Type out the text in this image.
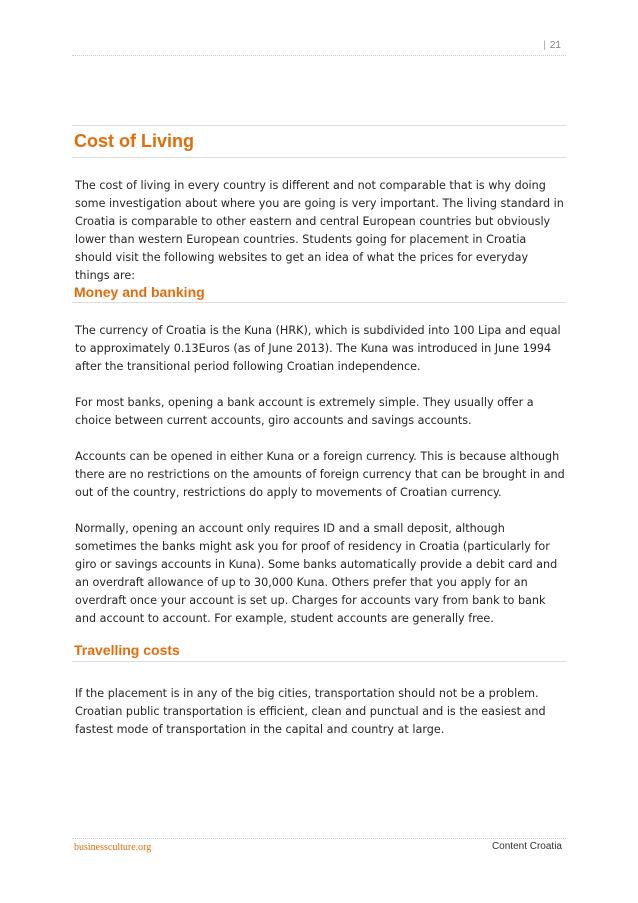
| 21
Cost of Living

The cost of living in every country is different and not comparable that is why doing some investigation about where you are going is very important. The living standard in Croatia is comparable to other eastern and central European countries but obviously lower than western European countries. Students going for placement in Croatia should visit the following websites to get an idea of what the prices for everyday things are:

Money and banking

The currency of Croatia is the Kuna (HRK), which is subdivided into 100 Lipa and equal to approximately 0.13Euros (as of June 2013). The Kuna was introduced in June 1994 after the transitional period following Croatian independence.

For most banks, opening a bank account is extremely simple. They usually offer a choice between current accounts, giro accounts and savings accounts.

Accounts can be opened in either Kuna or a foreign currency. This is because although there are no restrictions on the amounts of foreign currency that can be brought in and out of the country, restrictions do apply to movements of Croatian currency.

Normally, opening an account only requires ID and a small deposit, although sometimes the banks might ask you for proof of residency in Croatia (particularly for giro or savings accounts in Kuna). Some banks automatically provide a debit card and an overdraft allowance of up to 30,000 Kuna. Others prefer that you apply for an overdraft once your account is set up. Charges for accounts vary from bank to bank and account to account. For example, student accounts are generally free.

Travelling costs

If the placement is in any of the big cities, transportation should not be a problem. Croatian public transportation is efficient, clean and punctual and is the easiest and fastest mode of transportation in the capital and country at large.

businessculture.org	Content Croatia
